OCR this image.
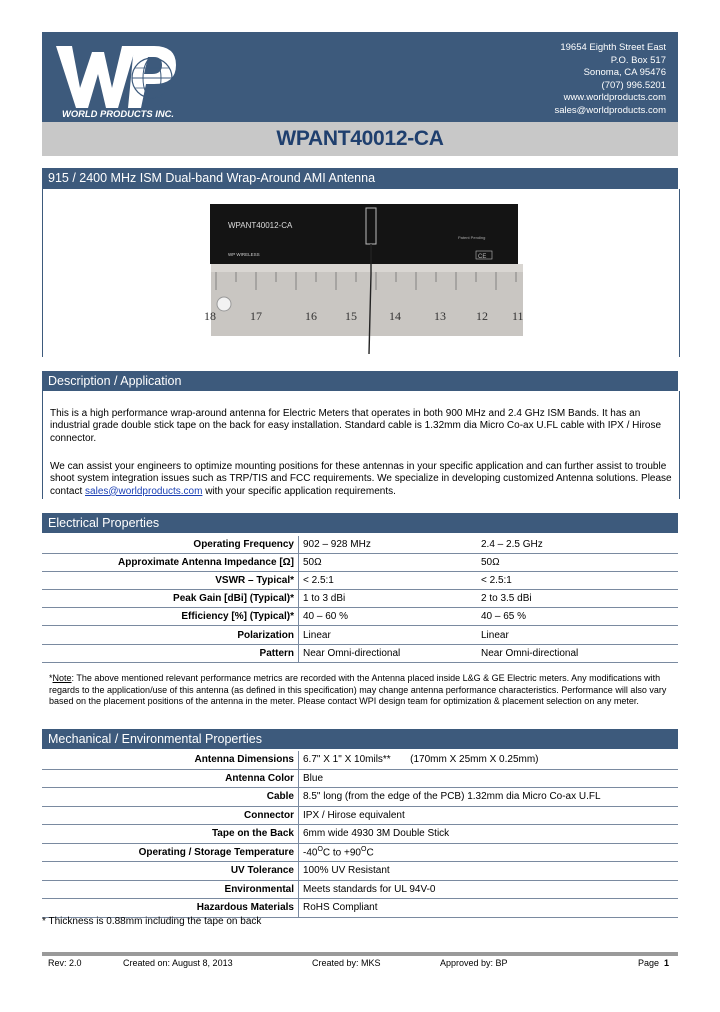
WORLD PRODUCTS INC.
19654 Eighth Street East
P.O. Box 517
Sonoma, CA 95476
(707) 996.5201
www.worldproducts.com
sales@worldproducts.com
WPANT40012-CA
915 / 2400 MHz ISM Dual-band Wrap-Around AMI Antenna
18	17	16 15	14	13	12 11
WPANT40012-CA
WP WIRELESS
Patent Pending
CE
Description / Application
This is a high performance wrap-around antenna for Electric Meters that operates in both 900 MHz and 2.4 GHz ISM Bands. It has an industrial grade double stick tape on the back for easy installation. Standard cable is 1.32mm dia Micro Co-ax U.FL cable with IPX / Hirose connector.
We can assist your engineers to optimize mounting positions for these antennas in your specific application and can further assist to trouble shoot system integration issues such as TRP/TIS and FCC requirements. We specialize in developing customized Antenna solutions. Please contact sales@worldproducts.com with your specific application requirements.
Electrical Properties
Operating Frequency	902 – 928 MHz	2.4 – 2.5 GHz
Approximate Antenna Impedance [Ω]	50Ω	50Ω
VSWR – Typical*	< 2.5:1	< 2.5:1
Peak Gain [dBi] (Typical)*	1 to 3 dBi	2 to 3.5 dBi
Efficiency [%] (Typical)*	40 – 60 %	40 – 65 %
Polarization	Linear	Linear
Pattern	Near Omni-directional	Near Omni-directional
*Note: The above mentioned relevant performance metrics are recorded with the Antenna placed inside L&G & GE Electric meters. Any modifications with regards to the application/use of this antenna (as defined in this specification) may change antenna performance characteristics. Performance will also vary based on the placement positions of the antenna in the meter. Please contact WPI design team for optimization & placement selection on any meter.
Mechanical / Environmental Properties
Antenna Dimensions	6.7" X 1" X 10mils**       (170mm X 25mm X 0.25mm)
Antenna Color	Blue
Cable	8.5" long (from the edge of the PCB) 1.32mm dia Micro Co-ax U.FL
Connector	IPX / Hirose equivalent
Tape on the Back	6mm wide 4930 3M Double Stick
Operating / Storage Temperature	$-40^OC$ to $+90^OC$
UV Tolerance	100% UV Resistant
Environmental	Meets standards for UL 94V-0
Hazardous Materials	RoHS Compliant
* Thickness is 0.88mm including the tape on back
Rev: 2.0	Created on: August 8, 2013	Created by: MKS	Approved by: BP	Page 1
